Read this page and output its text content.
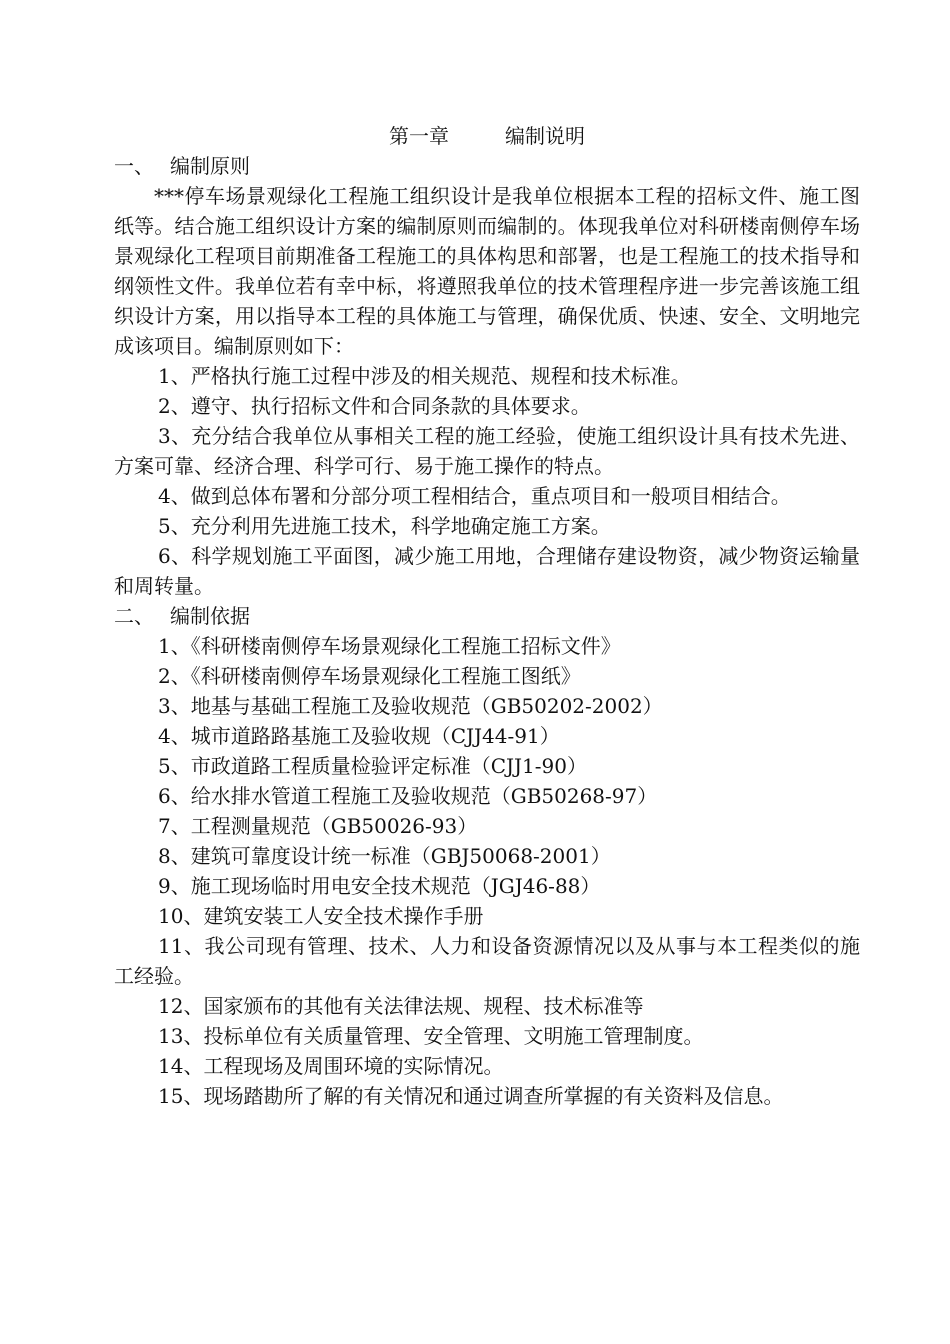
第一章	编制说明
一、 编制原则

***停车场景观绿化工程施工组织设计是我单位根据本工程的招标文件、施工图纸等。结合施工组织设计方案的编制原则而编制的。体现我单位对科研楼南侧停车场景观绿化工程项目前期准备工程施工的具体构思和部署，也是工程施工的技术指导和纲领性文件。我单位若有幸中标，将遵照我单位的技术管理程序进一步完善该施工组织设计方案，用以指导本工程的具体施工与管理，确保优质、快速、安全、文明地完成该项目。编制原则如下：

1、严格执行施工过程中涉及的相关规范、规程和技术标准。

2、遵守、执行招标文件和合同条款的具体要求。

3、充分结合我单位从事相关工程的施工经验，使施工组织设计具有技术先进、方案可靠、经济合理、科学可行、易于施工操作的特点。

4、做到总体布署和分部分项工程相结合，重点项目和一般项目相结合。

5、充分利用先进施工技术，科学地确定施工方案。

6、科学规划施工平面图，减少施工用地，合理储存建设物资，减少物资运输量和周转量。

二、 编制依据

1、《科研楼南侧停车场景观绿化工程施工招标文件》

2、《科研楼南侧停车场景观绿化工程施工图纸》

3、地基与基础工程施工及验收规范（GB50202-2002）

4、城市道路路基施工及验收规（CJJ44-91）

5、市政道路工程质量检验评定标准（CJJ1-90）

6、给水排水管道工程施工及验收规范（GB50268-97）

7、工程测量规范（GB50026-93）

8、建筑可靠度设计统一标准（GBJ50068-2001）

9、施工现场临时用电安全技术规范（JGJ46-88）

10、建筑安装工人安全技术操作手册

11、我公司现有管理、技术、人力和设备资源情况以及从事与本工程类似的施工经验。

12、国家颁布的其他有关法律法规、规程、技术标准等

13、投标单位有关质量管理、安全管理、文明施工管理制度。

14、工程现场及周围环境的实际情况。

15、现场踏勘所了解的有关情况和通过调查所掌握的有关资料及信息。
